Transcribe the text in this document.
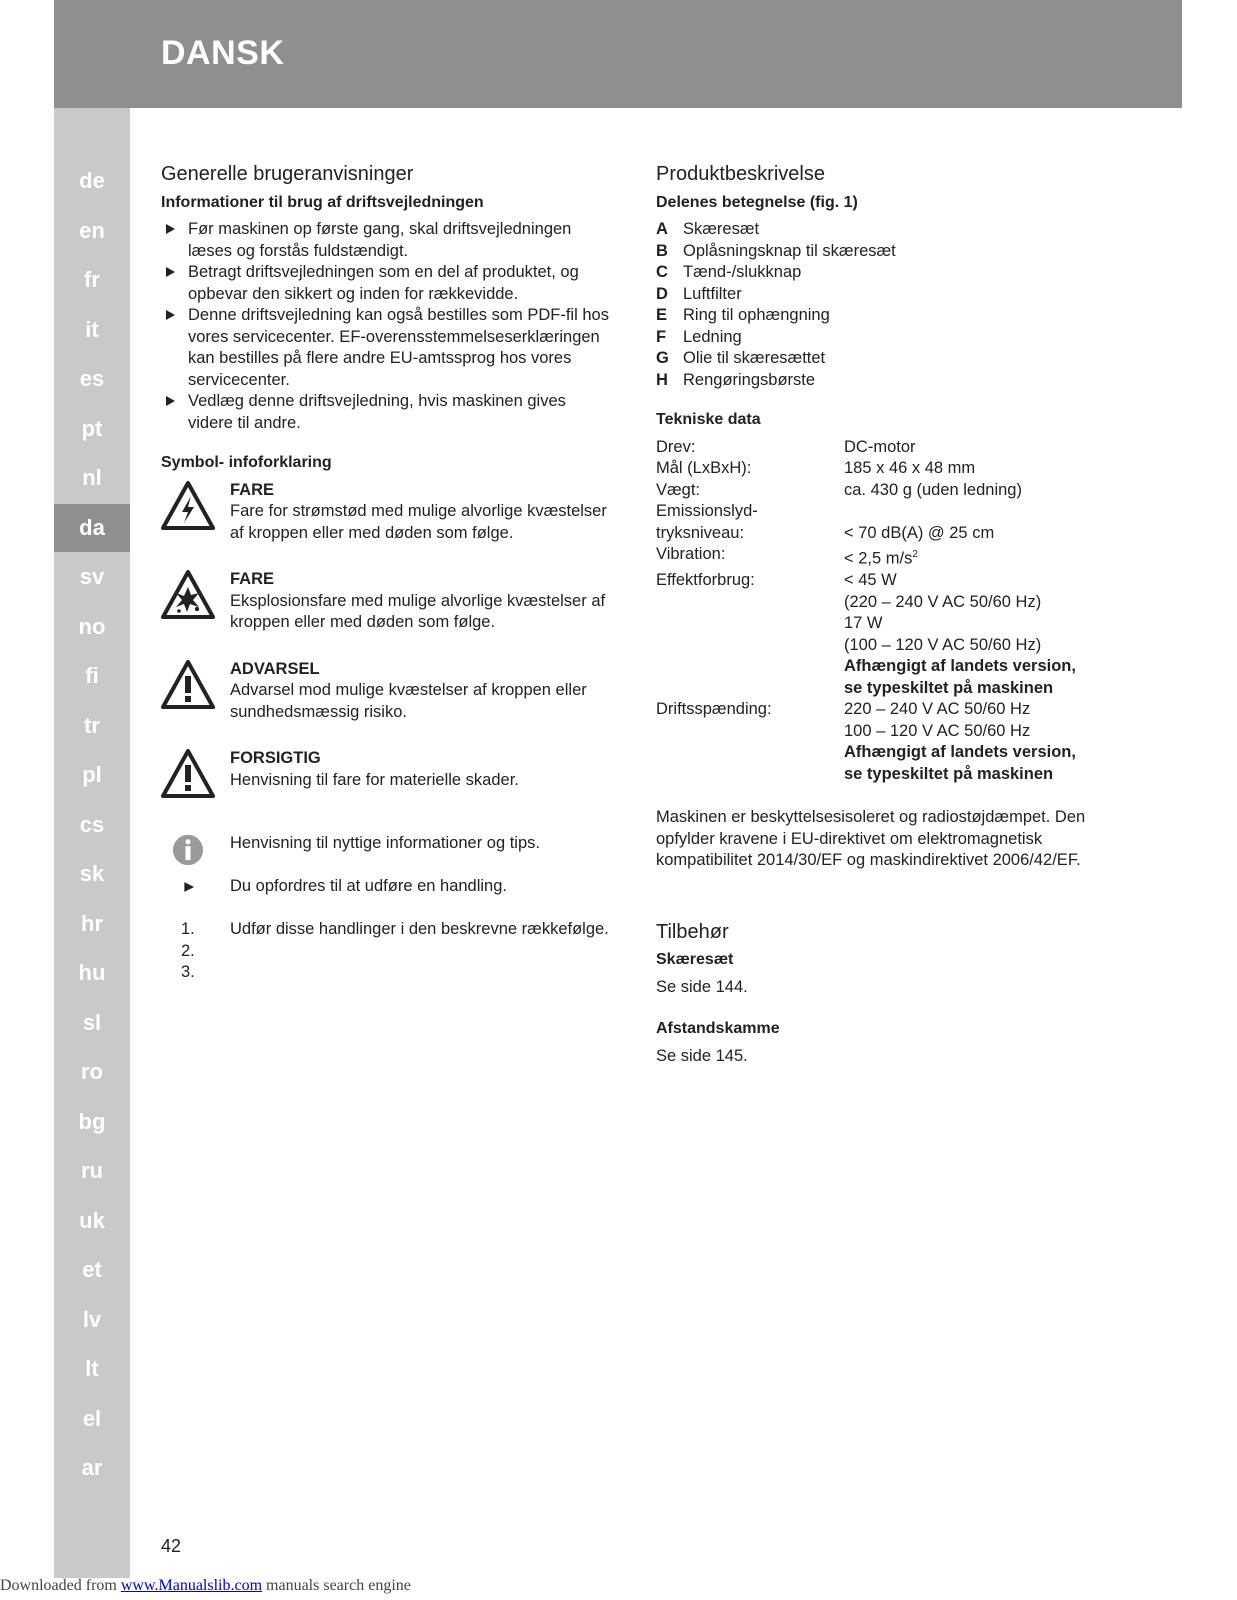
DANSK
de
en
fr
it
es
pt
nl
da
sv
no
fi
tr
pl
cs
sk
hr
hu
sl
ro
bg
ru
uk
et
lv
lt
el
ar
Generelle brugeranvisninger
Informationer til brug af driftsvejledningen
Før maskinen op første gang, skal driftsvejledningen læses og forstås fuldstændigt.
Betragt driftsvejledningen som en del af produktet, og opbevar den sikkert og inden for rækkevidde.
Denne driftsvejledning kan også bestilles som PDF-fil hos vores servicecenter. EF-overensstemmelseserklæringen kan bestilles på flere andre EU-amtssprog hos vores servicecenter.
Vedlæg denne driftsvejledning, hvis maskinen gives videre til andre.
Symbol- infoforklaring
FARE
Fare for strømstød med mulige alvorlige kvæstelser af kroppen eller med døden som følge.
FARE
Eksplosionsfare med mulige alvorlige kvæstelser af kroppen eller med døden som følge.
ADVARSEL
Advarsel mod mulige kvæstelser af kroppen eller sundhedsmæssig risiko.
FORSIGTIG
Henvisning til fare for materielle skader.
Henvisning til nyttige informationer og tips.
Du opfordres til at udføre en handling.
1.
2.
3.
Udfør disse handlinger i den beskrevne rækkefølge.
Produktbeskrivelse
Delenes betegnelse (fig. 1)
A Skæresæt
B Oplåsningsknap til skæresæt
C Tænd-/slukknap
D Luftfilter
E Ring til ophængning
F	Ledning
G Olie til skæresættet
H Rengøringsbørste
Tekniske data
Drev:	DC-motor
Mål (LxBxH):	185 x 46 x 48 mm
Vægt:	ca. 430 g (uden ledning)
Emissionslyd-
tryksniveau:	< 70 dB(A) @ 25 cm
Vibration:	< 2,5 $m/s^2$
Effektforbrug:	< 45 W
(220 – 240 V AC 50/60 Hz)
17 W
(100 – 120 V AC 50/60 Hz)
Afhængigt af landets version,
se typeskiltet på maskinen
Driftsspænding:	220 – 240 V AC 50/60 Hz
100 – 120 V AC 50/60 Hz
Afhængigt af landets version,
se typeskiltet på maskinen
Maskinen er beskyttelsesisoleret og radiostøjdæmpet. Den opfylder kravene i EU-direktivet om elektromagnetisk kompatibilitet 2014/30/EF og maskindirektivet 2006/42/EF.
Tilbehør
Skæresæt
Se side 144.
Afstandskamme
Se side 145.
42
Downloaded from www.Manualslib.com manuals search engine
